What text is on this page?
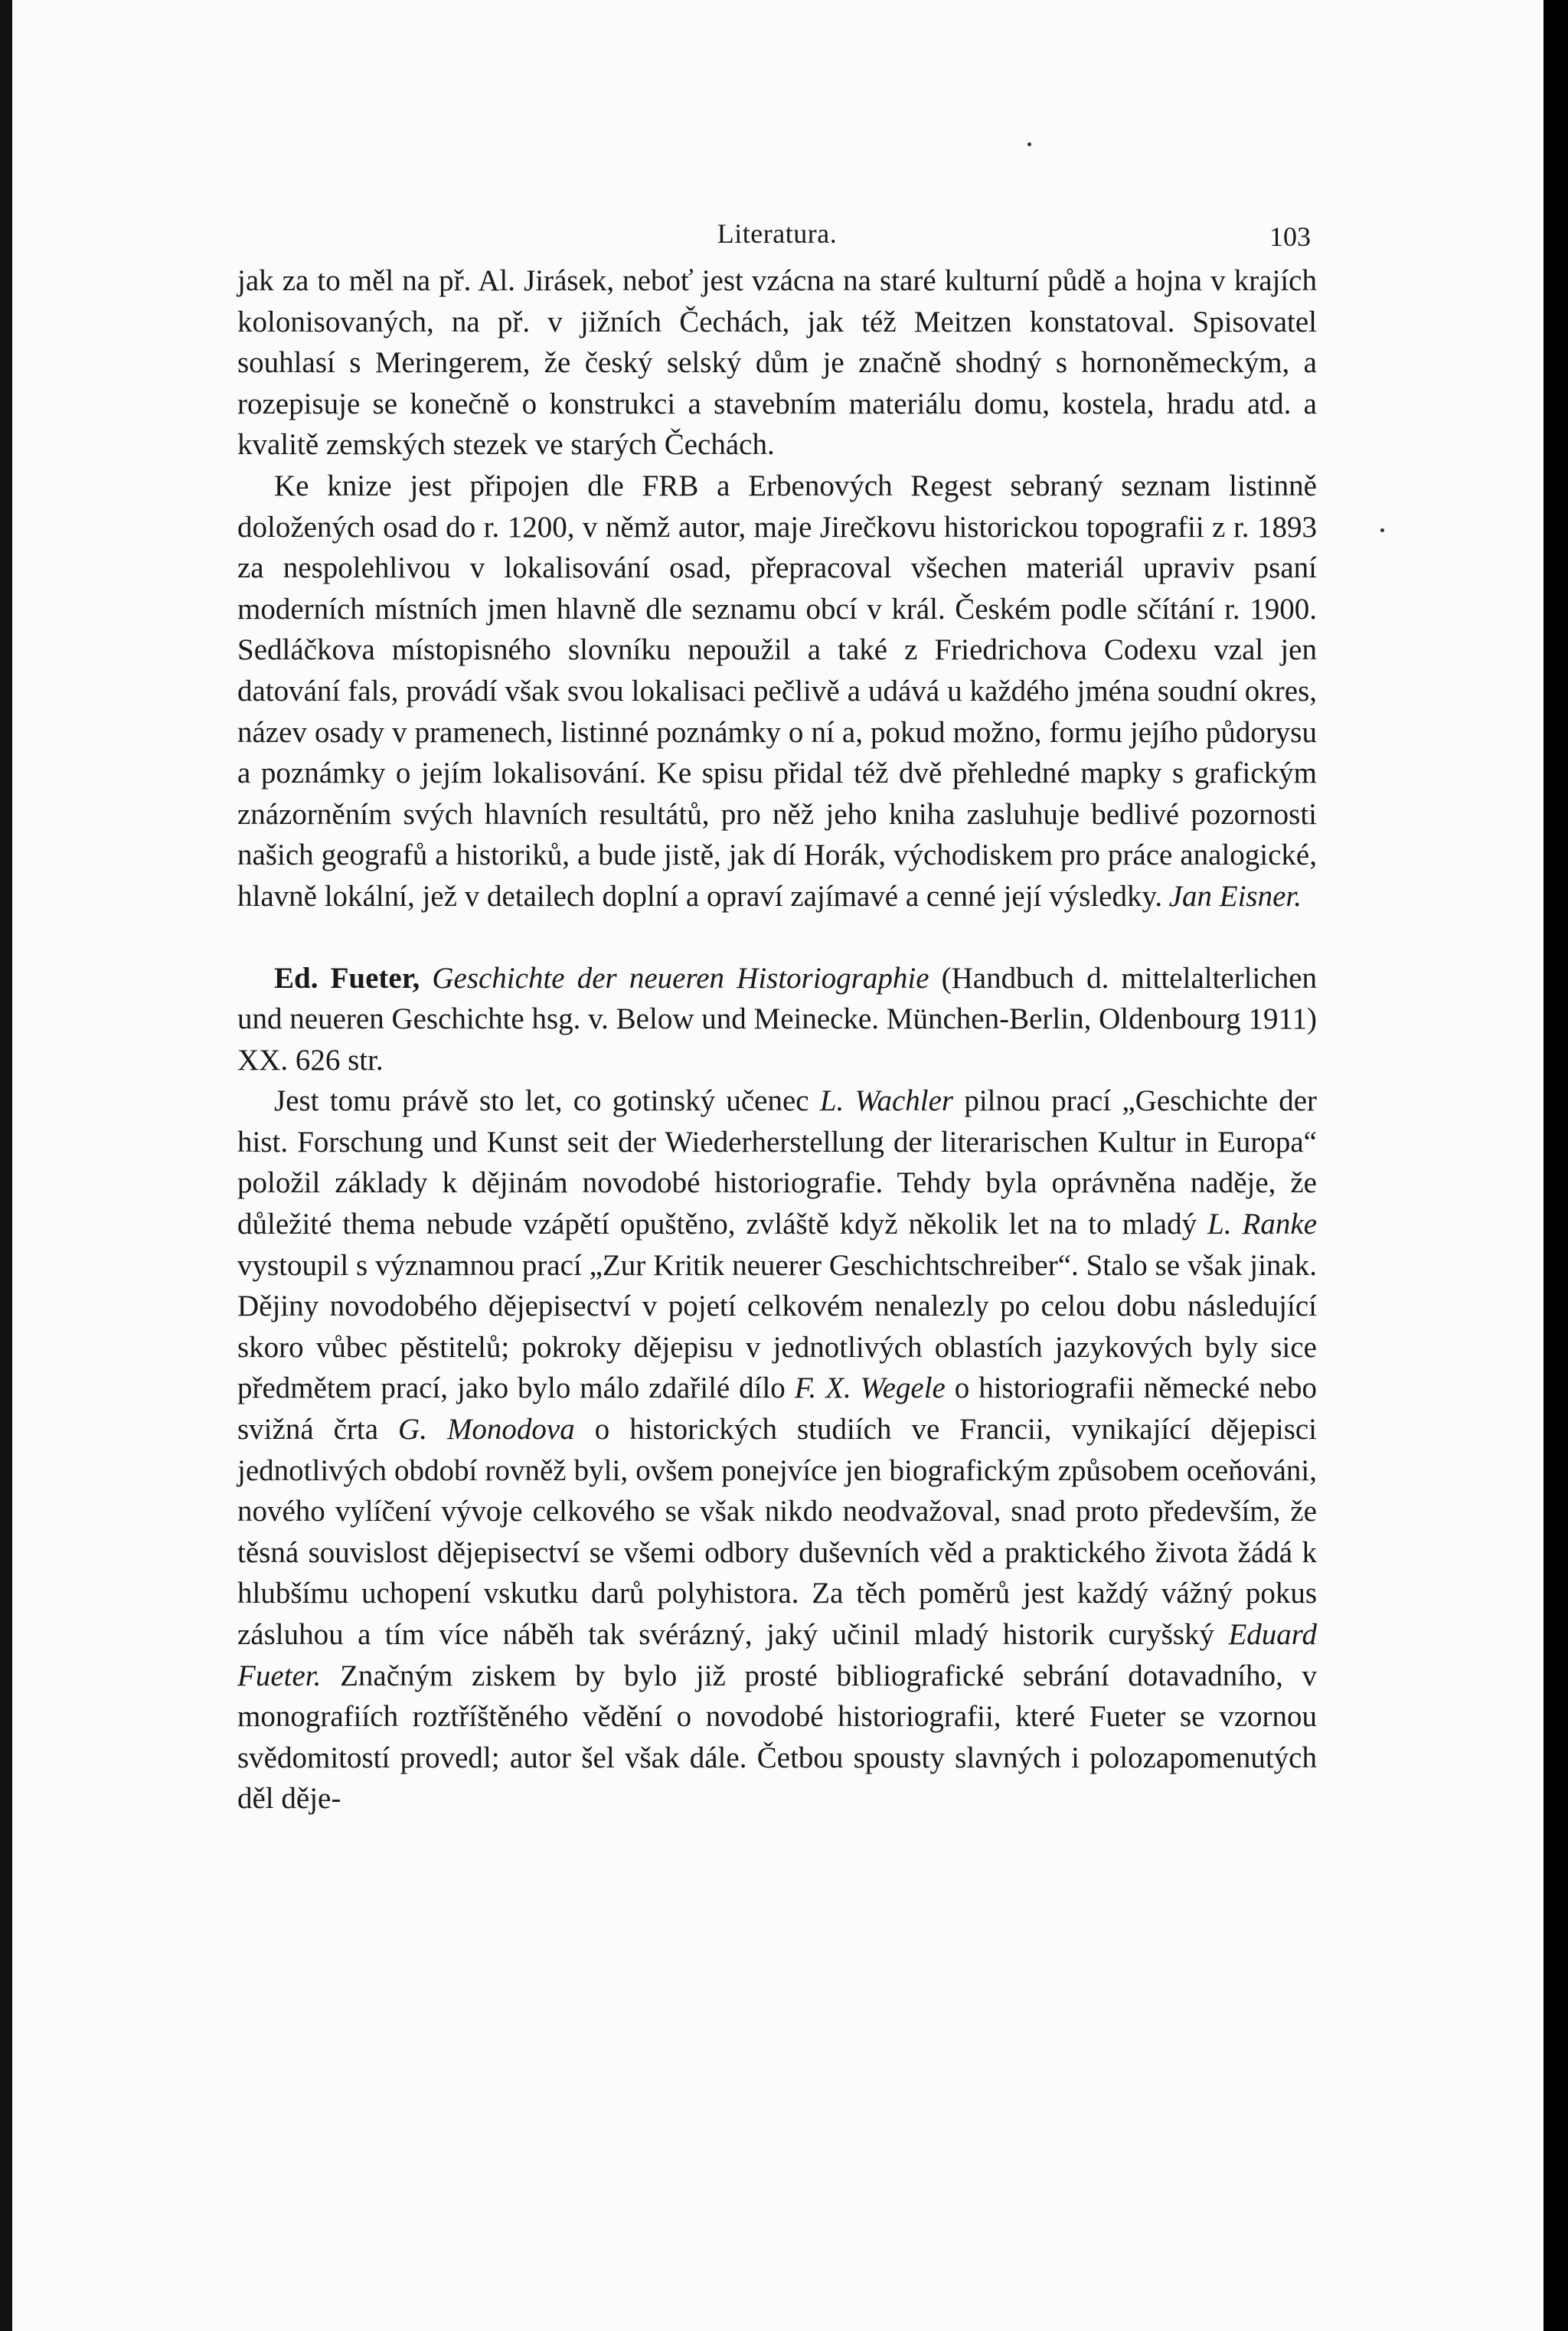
Literatura.	103

jak za to měl na př. Al. Jirásek, neboť jest vzácna na staré kulturní půdě a hojna v krajích kolonisovaných, na př. v jižních Čechách, jak též Meitzen konstatoval. Spisovatel souhlasí s Meringerem, že český selský dům je značně shodný s hornoněmeckým, a rozepisuje se konečně o konstrukci a stavebním materiálu domu, kostela, hradu atd. a kvalitě zemských stezek ve starých Čechách.

Ke knize jest připojen dle FRB a Erbenových Regest sebraný seznam listinně doložených osad do r. 1200, v němž autor, maje Jirečkovu historickou topografii z r. 1893 za nespolehlivou v lokalisování osad, přepracoval všechen materiál upraviv psaní moderních místních jmen hlavně dle seznamu obcí v král. Českém podle sčítání r. 1900. Sedláčkova místopisného slovníku nepoužil a také z Friedrichova Codexu vzal jen datování fals, provádí však svou lokalisaci pečlivě a udává u každého jména soudní okres, název osady v pramenech, listinné poznámky o ní a, pokud možno, formu jejího půdorysu a poznámky o jejím lokalisování. Ke spisu přidal též dvě přehledné mapky s grafickým znázorněním svých hlavních resultátů, pro něž jeho kniha zasluhuje bedlivé pozornosti našich geografů a historiků, a bude jistě, jak dí Horák, východiskem pro práce analogické, hlavně lokální, jež v detailech doplní a opraví zajímavé a cenné její výsledky. Jan Eisner.

Ed. Fueter, Geschichte der neueren Historiographie (Handbuch d. mittelalterlichen und neueren Geschichte hsg. v. Below und Meinecke. München-Berlin, Oldenbourg 1911) XX. 626 str.

Jest tomu právě sto let, co gotinský učenec L. Wachler pilnou prací „Geschichte der hist. Forschung und Kunst seit der Wiederherstellung der literarischen Kultur in Europa“ položil základy k dějinám novodobé historiografie. Tehdy byla oprávněna naděje, že důležité thema nebude vzápětí opuštěno, zvláště když několik let na to mladý L. Ranke vystoupil s významnou prací „Zur Kritik neuerer Geschichtschreiber“. Stalo se však jinak. Dějiny novodobého dějepisectví v pojetí celkovém nenalezly po celou dobu následující skoro vůbec pěstitelů; pokroky dějepisu v jednotlivých oblastích jazykových byly sice předmětem prací, jako bylo málo zdařilé dílo F. X. Wegele o historiografii německé nebo svižná črta G. Monodova o historických studiích ve Francii, vynikající dějepisci jednotlivých období rovněž byli, ovšem ponejvíce jen biografickým způsobem oceňováni, nového vylíčení vývoje celkového se však nikdo neodvažoval, snad proto především, že těsná souvislost dějepisectví se všemi odbory duševních věd a praktického života žádá k hlubšímu uchopení vskutku darů polyhistora. Za těch poměrů jest každý vážný pokus zásluhou a tím více náběh tak svérázný, jaký učinil mladý historik curyšský Eduard Fueter. Značným ziskem by bylo již prosté bibliografické sebrání dotavadního, v monografiích roztříštěného vědění o novodobé historiografii, které Fueter se vzornou svědomitostí provedl; autor šel však dále. Četbou spousty slavných i polozapomenutých děl děje-
